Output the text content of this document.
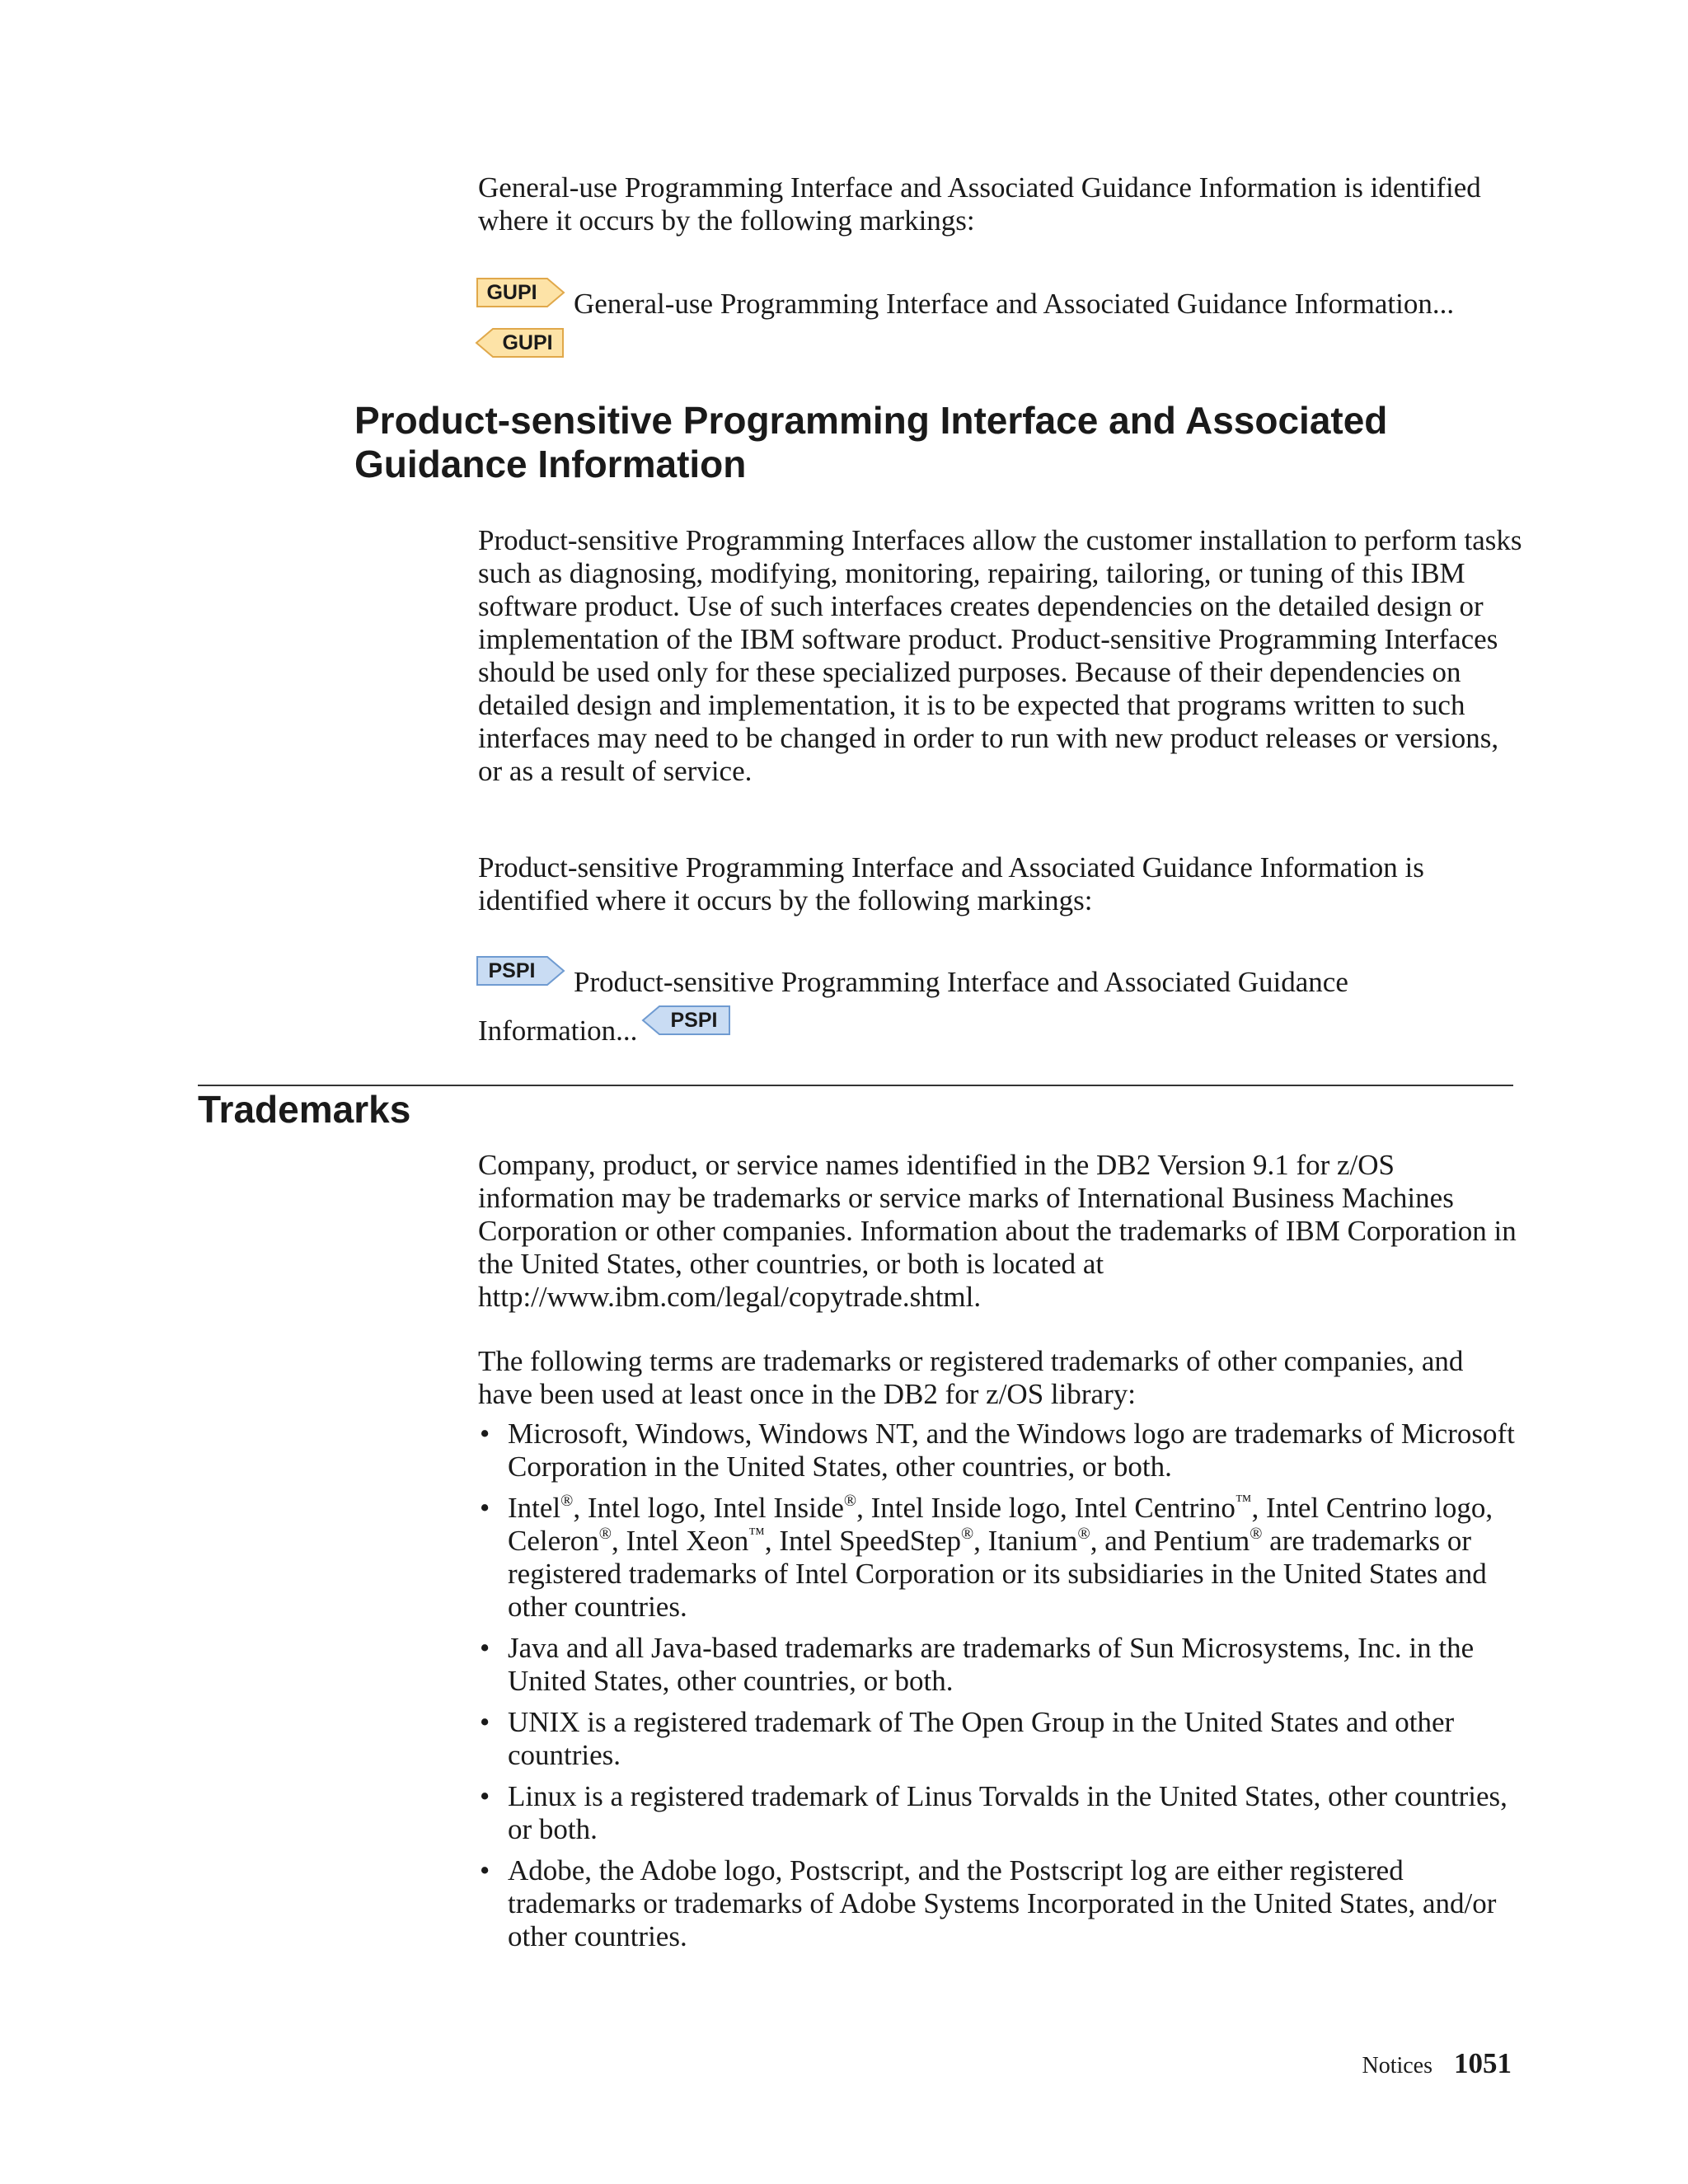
General-use Programming Interface and Associated Guidance Information is identified where it occurs by the following markings:

GUPI General-use Programming Interface and Associated Guidance Information...

GUPI
Product-sensitive Programming Interface and Associated Guidance Information

Product-sensitive Programming Interfaces allow the customer installation to perform tasks such as diagnosing, modifying, monitoring, repairing, tailoring, or tuning of this IBM software product. Use of such interfaces creates dependencies on the detailed design or implementation of the IBM software product. Product-sensitive Programming Interfaces should be used only for these specialized purposes. Because of their dependencies on detailed design and implementation, it is to be expected that programs written to such interfaces may need to be changed in order to run with new product releases or versions, or as a result of service.

Product-sensitive Programming Interface and Associated Guidance Information is identified where it occurs by the following markings:

PSPI	Product-sensitive Programming Interface and Associated Guidance

Information...	PSPI
Trademarks

Company, product, or service names identified in the DB2 Version 9.1 for z/OS information may be trademarks or service marks of International Business Machines Corporation or other companies. Information about the trademarks of IBM Corporation in the United States, other countries, or both is located at http://www.ibm.com/legal/copytrade.shtml.

The following terms are trademarks or registered trademarks of other companies, and have been used at least once in the DB2 for z/OS library:

• Microsoft, Windows, Windows NT, and the Windows logo are trademarks of Microsoft Corporation in the United States, other countries, or both.
• Intel®, Intel logo, Intel Inside®, Intel Inside logo, Intel Centrino™, Intel Centrino logo, Celeron®, Intel Xeon™, Intel SpeedStep®, Itanium®, and Pentium® are trademarks or registered trademarks of Intel Corporation or its subsidiaries in the United States and other countries.
• Java and all Java-based trademarks are trademarks of Sun Microsystems, Inc. in the United States, other countries, or both.
• UNIX is a registered trademark of The Open Group in the United States and other countries.
• Linux is a registered trademark of Linus Torvalds in the United States, other countries, or both.
• Adobe, the Adobe logo, Postscript, and the Postscript log are either registered trademarks or trademarks of Adobe Systems Incorporated in the United States, and/or other countries.
Notices 1051
